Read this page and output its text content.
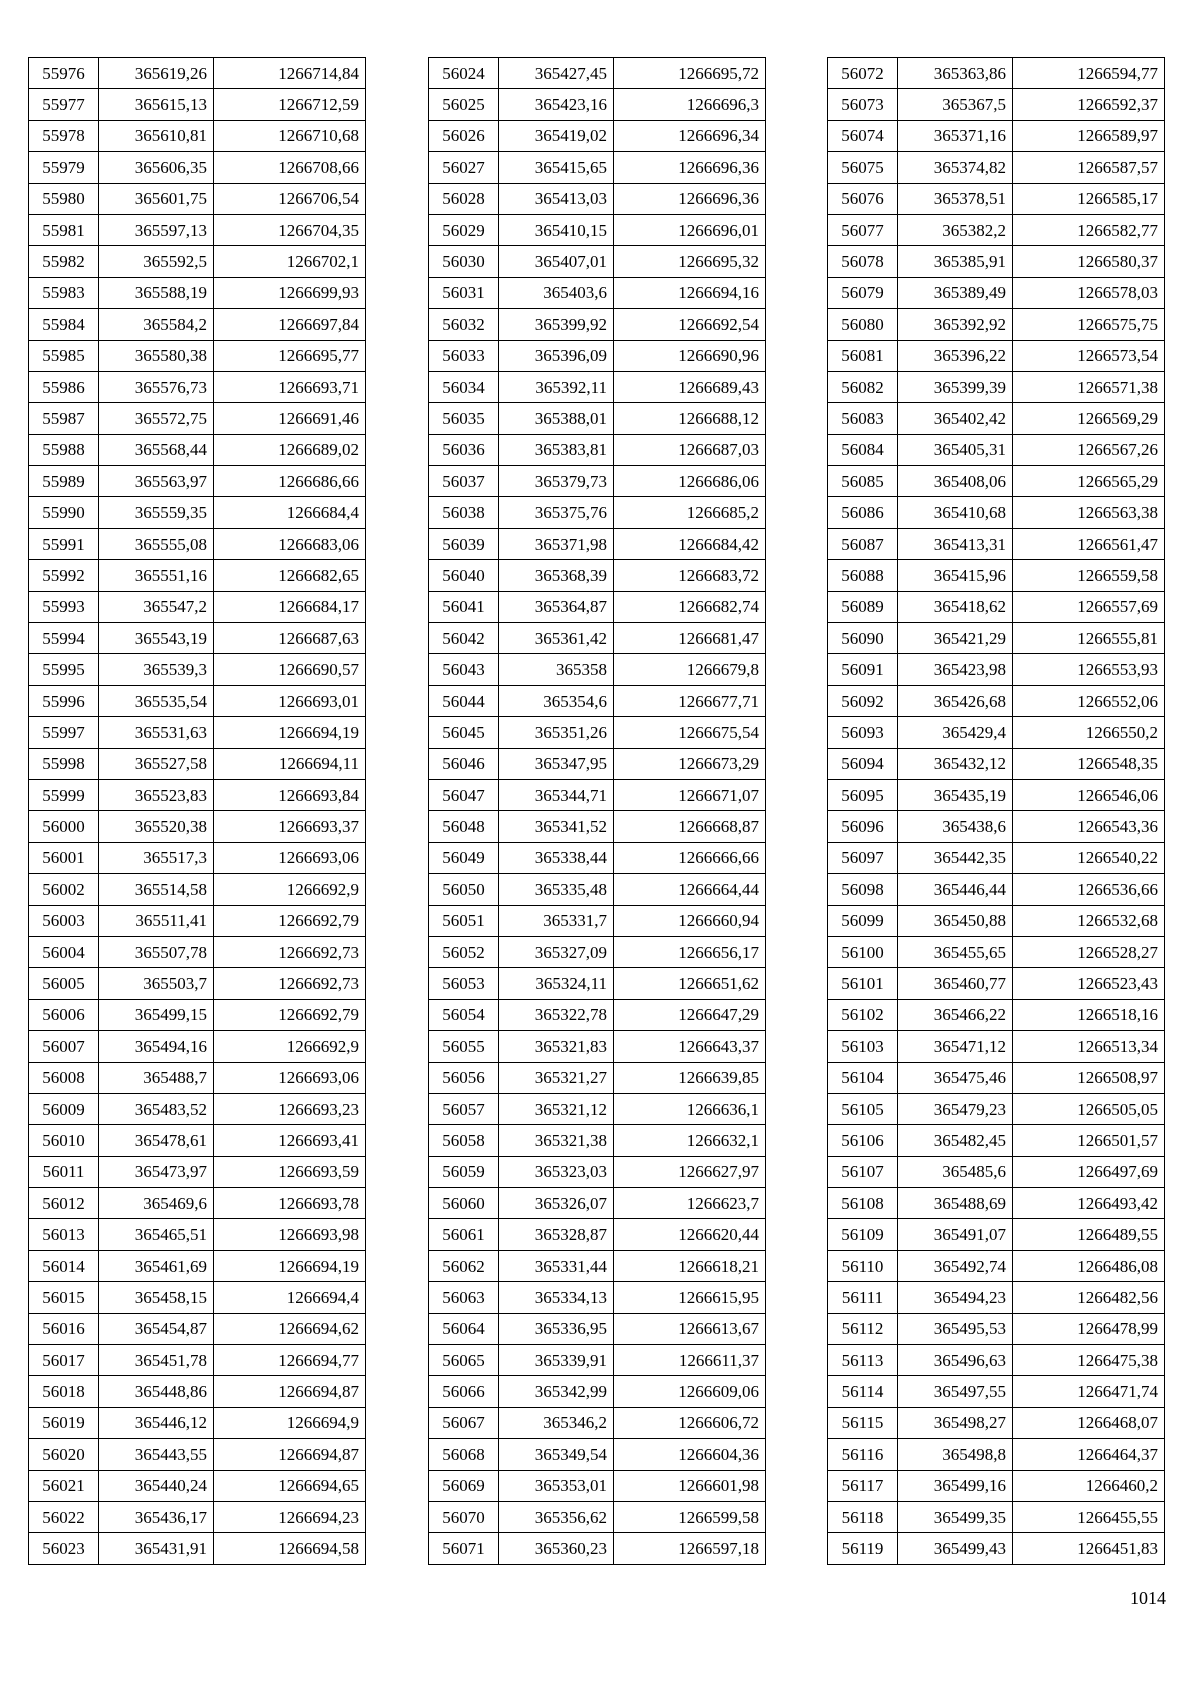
55976	365619,26	1266714,84
55977	365615,13	1266712,59
55978	365610,81	1266710,68
55979	365606,35	1266708,66
55980	365601,75	1266706,54
55981	365597,13	1266704,35
55982	365592,5	1266702,1
55983	365588,19	1266699,93
55984	365584,2	1266697,84
55985	365580,38	1266695,77
55986	365576,73	1266693,71
55987	365572,75	1266691,46
55988	365568,44	1266689,02
55989	365563,97	1266686,66
55990	365559,35	1266684,4
55991	365555,08	1266683,06
55992	365551,16	1266682,65
55993	365547,2	1266684,17
55994	365543,19	1266687,63
55995	365539,3	1266690,57
55996	365535,54	1266693,01
55997	365531,63	1266694,19
55998	365527,58	1266694,11
55999	365523,83	1266693,84
56000	365520,38	1266693,37
56001	365517,3	1266693,06
56002	365514,58	1266692,9
56003	365511,41	1266692,79
56004	365507,78	1266692,73
56005	365503,7	1266692,73
56006	365499,15	1266692,79
56007	365494,16	1266692,9
56008	365488,7	1266693,06
56009	365483,52	1266693,23
56010	365478,61	1266693,41
56011	365473,97	1266693,59
56012	365469,6	1266693,78
56013	365465,51	1266693,98
56014	365461,69	1266694,19
56015	365458,15	1266694,4
56016	365454,87	1266694,62
56017	365451,78	1266694,77
56018	365448,86	1266694,87
56019	365446,12	1266694,9
56020	365443,55	1266694,87
56021	365440,24	1266694,65
56022	365436,17	1266694,23
56023	365431,91	1266694,58
56024	365427,45	1266695,72
56025	365423,16	1266696,3
56026	365419,02	1266696,34
56027	365415,65	1266696,36
56028	365413,03	1266696,36
56029	365410,15	1266696,01
56030	365407,01	1266695,32
56031	365403,6	1266694,16
56032	365399,92	1266692,54
56033	365396,09	1266690,96
56034	365392,11	1266689,43
56035	365388,01	1266688,12
56036	365383,81	1266687,03
56037	365379,73	1266686,06
56038	365375,76	1266685,2
56039	365371,98	1266684,42
56040	365368,39	1266683,72
56041	365364,87	1266682,74
56042	365361,42	1266681,47
56043	365358	1266679,8
56044	365354,6	1266677,71
56045	365351,26	1266675,54
56046	365347,95	1266673,29
56047	365344,71	1266671,07
56048	365341,52	1266668,87
56049	365338,44	1266666,66
56050	365335,48	1266664,44
56051	365331,7	1266660,94
56052	365327,09	1266656,17
56053	365324,11	1266651,62
56054	365322,78	1266647,29
56055	365321,83	1266643,37
56056	365321,27	1266639,85
56057	365321,12	1266636,1
56058	365321,38	1266632,1
56059	365323,03	1266627,97
56060	365326,07	1266623,7
56061	365328,87	1266620,44
56062	365331,44	1266618,21
56063	365334,13	1266615,95
56064	365336,95	1266613,67
56065	365339,91	1266611,37
56066	365342,99	1266609,06
56067	365346,2	1266606,72
56068	365349,54	1266604,36
56069	365353,01	1266601,98
56070	365356,62	1266599,58
56071	365360,23	1266597,18
56072	365363,86	1266594,77
56073	365367,5	1266592,37
56074	365371,16	1266589,97
56075	365374,82	1266587,57
56076	365378,51	1266585,17
56077	365382,2	1266582,77
56078	365385,91	1266580,37
56079	365389,49	1266578,03
56080	365392,92	1266575,75
56081	365396,22	1266573,54
56082	365399,39	1266571,38
56083	365402,42	1266569,29
56084	365405,31	1266567,26
56085	365408,06	1266565,29
56086	365410,68	1266563,38
56087	365413,31	1266561,47
56088	365415,96	1266559,58
56089	365418,62	1266557,69
56090	365421,29	1266555,81
56091	365423,98	1266553,93
56092	365426,68	1266552,06
56093	365429,4	1266550,2
56094	365432,12	1266548,35
56095	365435,19	1266546,06
56096	365438,6	1266543,36
56097	365442,35	1266540,22
56098	365446,44	1266536,66
56099	365450,88	1266532,68
56100	365455,65	1266528,27
56101	365460,77	1266523,43
56102	365466,22	1266518,16
56103	365471,12	1266513,34
56104	365475,46	1266508,97
56105	365479,23	1266505,05
56106	365482,45	1266501,57
56107	365485,6	1266497,69
56108	365488,69	1266493,42
56109	365491,07	1266489,55
56110	365492,74	1266486,08
56111	365494,23	1266482,56
56112	365495,53	1266478,99
56113	365496,63	1266475,38
56114	365497,55	1266471,74
56115	365498,27	1266468,07
56116	365498,8	1266464,37
56117	365499,16	1266460,2
56118	365499,35	1266455,55
56119	365499,43	1266451,83
1014
